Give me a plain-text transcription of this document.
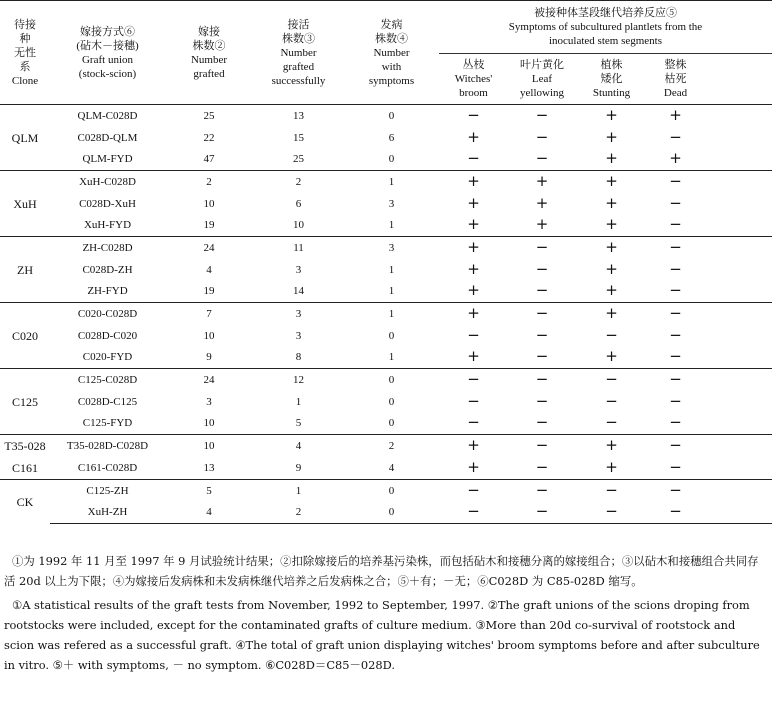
待接
种
无性
系
Clone	嫁接方式⑥
(砧木－接穗)
Graft union
(stock-scion)	嫁接
株数②
Number
grafted	接活
株数③
Number
grafted
successfully	发病
株数④
Number
with
symptoms	被接种体茎段继代培养反应⑤
Symptoms of subcultured plantlets from the
inoculated stem segments				

					丛枝
Witches'
broom	叶片黄化
Leaf
yellowing	植株
矮化
Stunting	整株
枯死
Dead	

QLM	QLM-C028D	25	13	0	−	−	+	+	
	C028D-QLM	22	15	6	+	−	+	−	
	QLM-FYD	47	25	0	−	−	+	+	
XuH	XuH-C028D	2	2	1	+	+	+	−	
	C028D-XuH	10	6	3	+	+	+	−	
	XuH-FYD	19	10	1	+	+	+	−	
ZH	ZH-C028D	24	11	3	+	−	+	−	
	C028D-ZH	4	3	1	+	−	+	−	
	ZH-FYD	19	14	1	+	−	+	−	
C020	C020-C028D	7	3	1	+	−	+	−	
	C028D-C020	10	3	0	−	−	−	−	
	C020-FYD	9	8	1	+	−	+	−	
C125	C125-C028D	24	12	0	−	−	−	−	
	C028D-C125	3	1	0	−	−	−	−	
	C125-FYD	10	5	0	−	−	−	−	
T35-028	T35-028D-C028D	10	4	2	+	−	+	−	
C161	C161-C028D	13	9	4	+	−	+	−	
CK	C125-ZH	5	1	0	−	−	−	−	
	XuH-ZH	4	2	0	−	−	−	−	

①为 1992 年 11 月至 1997 年 9 月试验统计结果；②扣除嫁接后的培养基污染株，而包括砧木和接穗分离的嫁接组合；③以砧木和接穗组合共同存活 20d 以上为下限；④为嫁接后发病株和未发病株继代培养之后发病株之合；⑤＋有；－无；⑥C028D 为 C85-028D 缩写。

①A statistical results of the graft tests from November, 1992 to September, 1997. ②The graft unions of the scions droping from rootstocks were included, except for the contaminated grafts of culture medium. ③More than 20d co-survival of rootstock and scion was refered as a successful graft. ④The total of graft union displaying witches' broom symptoms before and after subculture in vitro. ⑤＋ with symptoms, － no symptom. ⑥C028D＝C85－028D.
